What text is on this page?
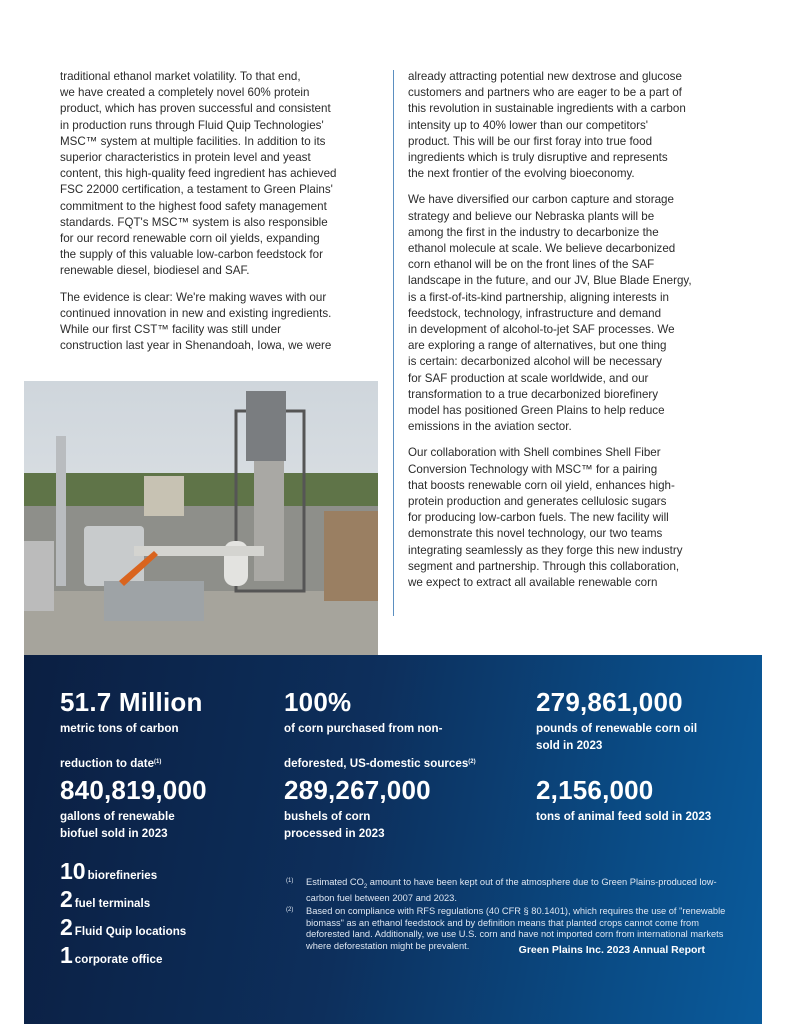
traditional ethanol market volatility. To that end,
we have created a completely novel 60% protein
product, which has proven successful and consistent
in production runs through Fluid Quip Technologies'
MSC™ system at multiple facilities. In addition to its
superior characteristics in protein level and yeast
content, this high-quality feed ingredient has achieved
FSC 22000 certification, a testament to Green Plains'
commitment to the highest food safety management
standards. FQT's MSC™ system is also responsible
for our record renewable corn oil yields, expanding
the supply of this valuable low-carbon feedstock for
renewable diesel, biodiesel and SAF.

The evidence is clear: We're making waves with our
continued innovation in new and existing ingredients.
While our first CST™ facility was still under
construction last year in Shenandoah, Iowa, we were

already attracting potential new dextrose and glucose
customers and partners who are eager to be a part of
this revolution in sustainable ingredients with a carbon
intensity up to 40% lower than our competitors'
product. This will be our first foray into true food
ingredients which is truly disruptive and represents
the next frontier of the evolving bioeconomy.

We have diversified our carbon capture and storage
strategy and believe our Nebraska plants will be
among the first in the industry to decarbonize the
ethanol molecule at scale. We believe decarbonized
corn ethanol will be on the front lines of the SAF
landscape in the future, and our JV, Blue Blade Energy,
is a first-of-its-kind partnership, aligning interests in
feedstock, technology, infrastructure and demand
in development of alcohol-to-jet SAF processes. We
are exploring a range of alternatives, but one thing
is certain: decarbonized alcohol will be necessary
for SAF production at scale worldwide, and our
transformation to a true decarbonized biorefinery
model has positioned Green Plains to help reduce
emissions in the aviation sector.

Our collaboration with Shell combines Shell Fiber
Conversion Technology with MSC™ for a pairing
that boosts renewable corn oil yield, enhances high-
protein production and generates cellulosic sugars
for producing low-carbon fuels. The new facility will
demonstrate this novel technology, our two teams
integrating seamlessly as they forge this new industry
segment and partnership. Through this collaboration,
we expect to extract all available renewable corn

51.7 Million
metric tons of carbon

reduction to date$^{(1)}$
100%
of corn purchased from non-

deforested, US-domestic sources$^{(2)}$
279,861,000
pounds of renewable corn oil
sold in 2023
840,819,000
gallons of renewable
biofuel sold in 2023
289,267,000
bushels of corn
processed in 2023
2,156,000
tons of animal feed sold in 2023

10 biorefineries
2 fuel terminals
2 Fluid Quip locations
1 corporate office
(1) Estimated $CO_2$ amount to have been kept out of the atmosphere due to Green Plains-produced low-carbon fuel between 2007 and 2023.
(2) Based on compliance with RFS regulations (40 CFR § 80.1401), which requires the use of "renewable biomass" as an ethanol feedstock and by definition means that planted crops cannot come from deforested land. Additionally, we use U.S. corn and have not imported corn from international markets where deforestation might be prevalent.	Green Plains Inc. 2023 Annual Report
